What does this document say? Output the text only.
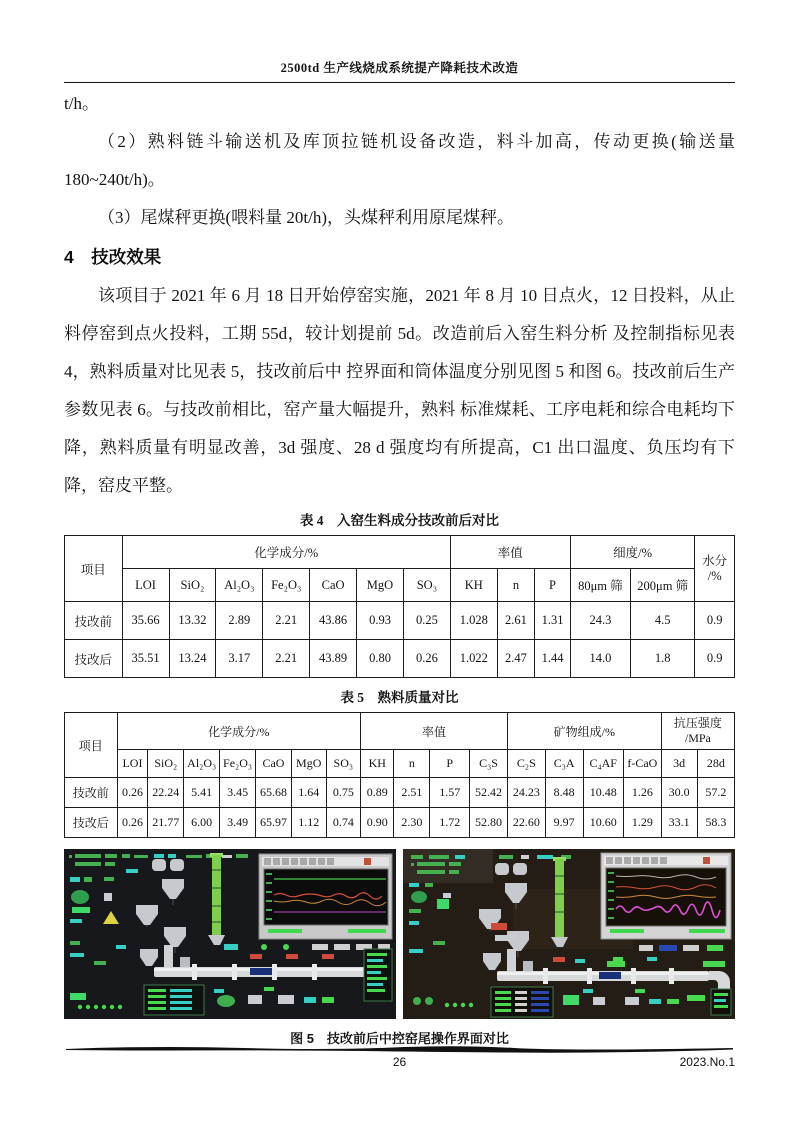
2500td 生产线烧成系统提产降耗技术改造

t/h。

（2）熟料链斗输送机及库顶拉链机设备改造，料斗加高，传动更换(输送量 180~240t/h)。

（3）尾煤秤更换(喂料量 20t/h)，头煤秤利用原尾煤秤。

4　技改效果

该项目于 2021 年 6 月 18 日开始停窑实施，2021 年 8 月 10 日点火，12 日投料，从止料停窑到点火投料，工期 55d，较计划提前 5d。改造前后入窑生料分析 及控制指标见表 4，熟料质量对比见表 5，技改前后中 控界面和筒体温度分别见图 5 和图 6。技改前后生产 参数见表 6。与技改前相比，窑产量大幅提升，熟料 标准煤耗、工序电耗和综合电耗均下降，熟料质量有明显改善，3d 强度、28 d 强度均有所提高，C1 出口温度、负压均有下降，窑皮平整。

表 4　入窑生料成分技改前后对比
项目	化学成分/%							率值			细度/%		水分
/%
	LOI	SiO₂	Al₂O₃	Fe₂O₃	CaO	MgO	SO₃	KH	n	P	80μm 筛	200μm 筛	
技改前	35.66	13.32	2.89	2.21	43.86	0.93	0.25	1.028	2.61	1.31	24.3	4.5	0.9
技改后	35.51	13.24	3.17	2.21	43.89	0.80	0.26	1.022	2.47	1.44	14.0	1.8	0.9
表 5　熟料质量对比
项目	化学成分/%							率值				矿物组成/%				抗压强度
/MPa	
	LOI	SiO₂	Al₂O₃	Fe₂O₃	CaO	MgO	SO₃	KH	n	P	C₃S	C₂S	C₃A	C₄AF	f-CaO	3d	28d
技改前	0.26	22.24	5.41	3.45	65.68	1.64	0.75	0.89	2.51	1.57	52.42	24.23	8.48	10.48	1.26	30.0	57.2
技改后	0.26	21.77	6.00	3.49	65.97	1.12	0.74	0.90	2.30	1.72	52.80	22.60	9.97	10.60	1.29	33.1	58.3
图 5　技改前后中控窑尾操作界面对比
26	2023.No.1
